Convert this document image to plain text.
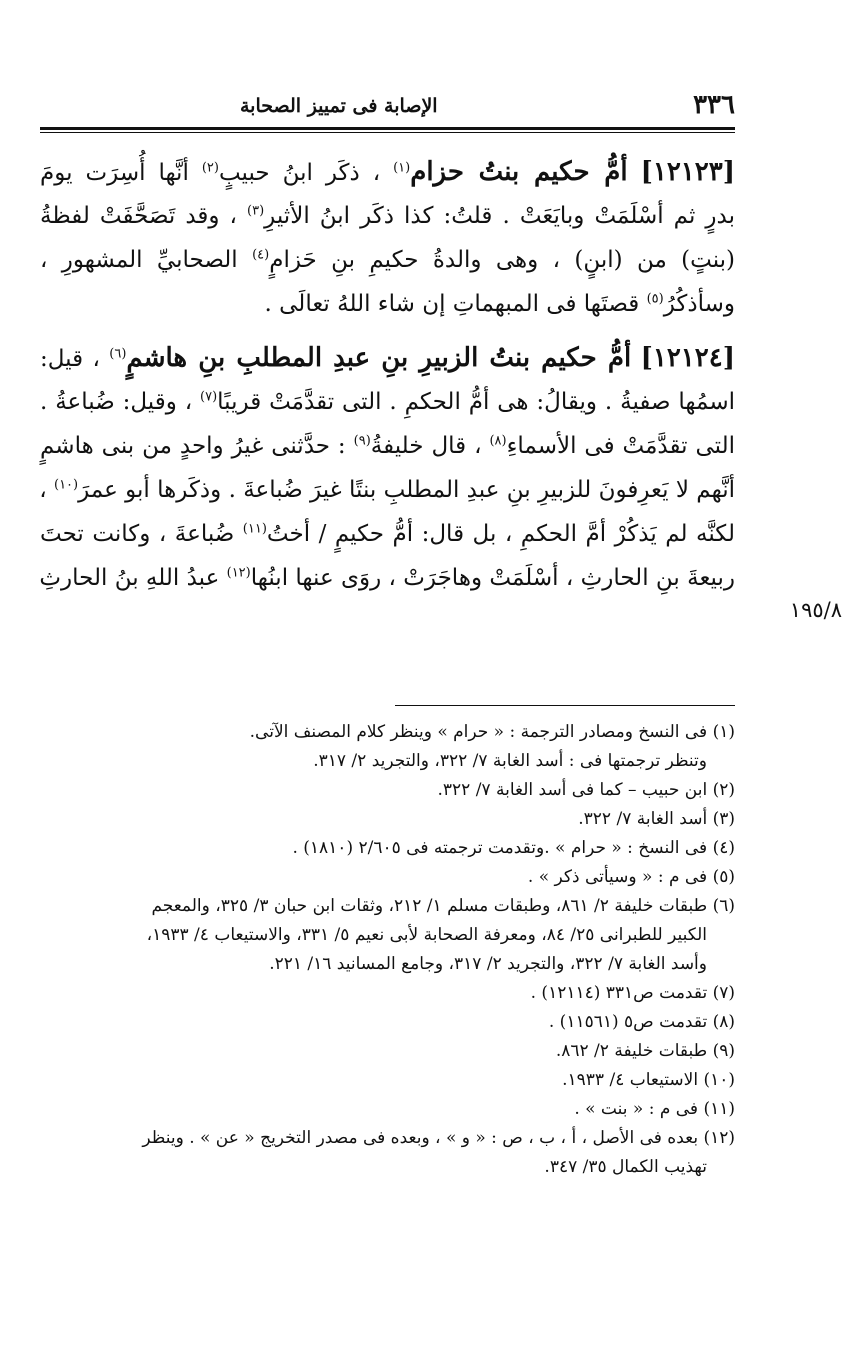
٣٣٦
الإصابة فى تمييز الصحابة
[١٢١٢٣] أمُّ حكيم بنتُ حزام$^{(١)}$ ، ذكَر ابنُ حبيبٍ$^{(٢)}$ أنَّها أُسِرَت يومَ
بدرٍ ثم أسْلَمَتْ وبايَعَتْ . قلتُ: كذا ذكَر ابنُ الأثيرِ$^{(٣)}$ ، وقد تَصَحَّفَتْ لفظةُ
(بنتٍ) من (ابنٍ) ، وهى والدةُ حكيمِ بنِ حَزامٍ$^{(٤)}$ الصحابيِّ المشهورِ ،
وسأذكُرُ$^{(٥)}$ قصتَها فى المبهماتِ إن شاء اللهُ تعالَى .
[١٢١٢٤] أمُّ حكيم بنتُ الزبيرِ بنِ عبدِ المطلبِ بنِ هاشمٍ$^{(٦)}$ ، قيل:
اسمُها صفيةُ . ويقالُ: هى أمُّ الحكمِ . التى تقدَّمَتْ قريبًا$^{(٧)}$ ، وقيل: ضُباعةُ .
التى تقدَّمَتْ فى الأسماءِ$^{(٨)}$ ، قال خليفةُ$^{(٩)}$ : حدَّثنى غيرُ واحدٍ من بنى هاشمٍ
أنَّهم لا يَعرِفونَ للزبيرِ بنِ عبدِ المطلبِ بنتًا غيرَ ضُباعةَ . وذكَرها أبو عمرَ$^{(١٠)}$ ،
لكنَّه لم يَذكُرْ أمَّ الحكمِ ، بل قال: أمُّ حكيمٍ / أختُ$^{(١١)}$ ضُباعةَ ، وكانت تحتَ
ربيعةَ بنِ الحارثِ ، أسْلَمَتْ وهاجَرَتْ ، روَى عنها ابنُها$^{(١٢)}$ عبدُ اللهِ بنُ الحارثِ
١٩٥/٨
(١) فى النسخ ومصادر الترجمة : « حرام » وينظر كلام المصنف الآتى.
وتنظر ترجمتها فى : أسد الغابة ٧/ ٣٢٢، والتجريد ٢/ ٣١٧.
(٢) ابن حبيب – كما فى أسد الغابة ٧/ ٣٢٢.
(٣) أسد الغابة ٧/ ٣٢٢.
(٤) فى النسخ : « حرام » .وتقدمت ترجمته فى ٢/٦٠٥ (١٨١٠) .
(٥) فى م : « وسيأتى ذكر » .
(٦) طبقات خليفة ٢/ ٨٦١، وطبقات مسلم ١/ ٢١٢، وثقات ابن حبان ٣/ ٣٢٥، والمعجم
الكبير للطبرانى ٢٥/ ٨٤، ومعرفة الصحابة لأبى نعيم ٥/ ٣٣١، والاستيعاب ٤/ ١٩٣٣،
وأسد الغابة ٧/ ٣٢٢، والتجريد ٢/ ٣١٧، وجامع المسانيد ١٦/ ٢٢١.
(٧) تقدمت ص٣٣١ (١٢١١٤) .
(٨) تقدمت ص٥ (١١٥٦١) .
(٩) طبقات خليفة ٢/ ٨٦٢.
(١٠) الاستيعاب ٤/ ١٩٣٣.
(١١) فى م : « بنت » .
(١٢) بعده فى الأصل ، أ ، ب ، ص : « و » ، وبعده فى مصدر التخريج « عن » . وينظر
تهذيب الكمال ٣٥/ ٣٤٧.
